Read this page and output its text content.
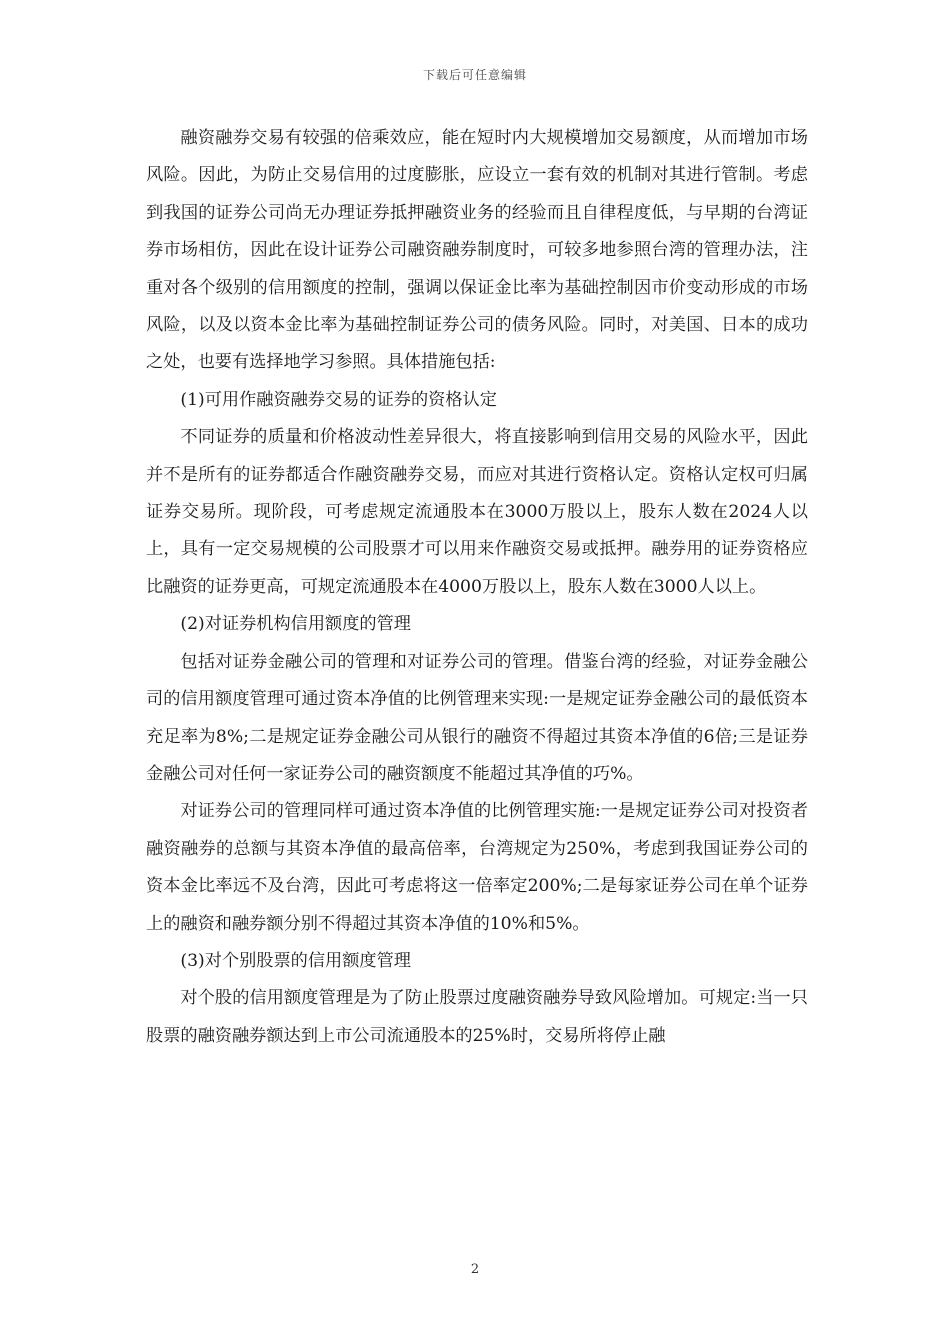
下载后可任意编辑

融资融券交易有较强的倍乘效应，能在短时内大规模增加交易额度，从而增加市场风险。因此，为防止交易信用的过度膨胀，应设立一套有效的机制对其进行管制。考虑到我国的证券公司尚无办理证券抵押融资业务的经验而且自律程度低，与早期的台湾证券市场相仿，因此在设计证券公司融资融券制度时，可较多地参照台湾的管理办法，注重对各个级别的信用额度的控制，强调以保证金比率为基础控制因市价变动形成的市场风险，以及以资本金比率为基础控制证券公司的债务风险。同时，对美国、日本的成功之处，也要有选择地学习参照。具体措施包括:

(1)可用作融资融券交易的证券的资格认定

不同证券的质量和价格波动性差异很大，将直接影响到信用交易的风险水平，因此并不是所有的证券都适合作融资融券交易，而应对其进行资格认定。资格认定权可归属证券交易所。现阶段，可考虑规定流通股本在3000万股以上，股东人数在2024人以上，具有一定交易规模的公司股票才可以用来作融资交易或抵押。融券用的证券资格应比融资的证券更高，可规定流通股本在4000万股以上，股东人数在3000人以上。

(2)对证券机构信用额度的管理

包括对证券金融公司的管理和对证券公司的管理。借鉴台湾的经验，对证券金融公司的信用额度管理可通过资本净值的比例管理来实现:一是规定证券金融公司的最低资本充足率为8%;二是规定证券金融公司从银行的融资不得超过其资本净值的6倍;三是证券金融公司对任何一家证券公司的融资额度不能超过其净值的巧%。

对证券公司的管理同样可通过资本净值的比例管理实施:一是规定证券公司对投资者融资融券的总额与其资本净值的最高倍率，台湾规定为250%，考虑到我国证券公司的资本金比率远不及台湾，因此可考虑将这一倍率定200%;二是每家证券公司在单个证券上的融资和融券额分别不得超过其资本净值的10%和5%。

(3)对个别股票的信用额度管理

对个股的信用额度管理是为了防止股票过度融资融券导致风险增加。可规定:当一只股票的融资融券额达到上市公司流通股本的25%时，交易所将停止融

2
